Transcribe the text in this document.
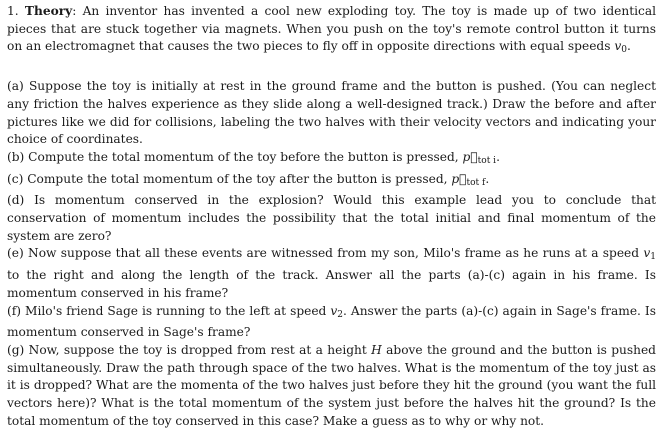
1. Theory: An inventor has invented a cool new exploding toy. The toy is made up of two identical pieces that are stuck together via magnets. When you push on the toy's remote control button it turns on an electromagnet that causes the two pieces to fly off in opposite directions with equal speeds $v_0$.

(a) Suppose the toy is initially at rest in the ground frame and the button is pushed. (You can neglect any friction the halves experience as they slide along a well-designed track.) Draw the before and after pictures like we did for collisions, labeling the two halves with their velocity vectors and indicating your choice of coordinates.

(b) Compute the total momentum of the toy before the button is pressed, $p⃗_{tot i}$.

(c) Compute the total momentum of the toy after the button is pressed, $p⃗_{tot f}$.

(d) Is momentum conserved in the explosion? Would this example lead you to conclude that conservation of momentum includes the possibility that the total initial and final momentum of the system are zero?

(e) Now suppose that all these events are witnessed from my son, Milo's frame as he runs at a speed $v_1$ to the right and along the length of the track. Answer all the parts (a)-(c) again in his frame. Is momentum conserved in his frame?

(f) Milo's friend Sage is running to the left at speed $v_2$. Answer the parts (a)-(c) again in Sage's frame. Is momentum conserved in Sage's frame?

(g) Now, suppose the toy is dropped from rest at a height H above the ground and the button is pushed simultaneously. Draw the path through space of the two halves. What is the momentum of the toy just as it is dropped? What are the momenta of the two halves just before they hit the ground (you want the full vectors here)? What is the total momentum of the system just before the halves hit the ground? Is the total momentum of the toy conserved in this case? Make a guess as to why or why not.
